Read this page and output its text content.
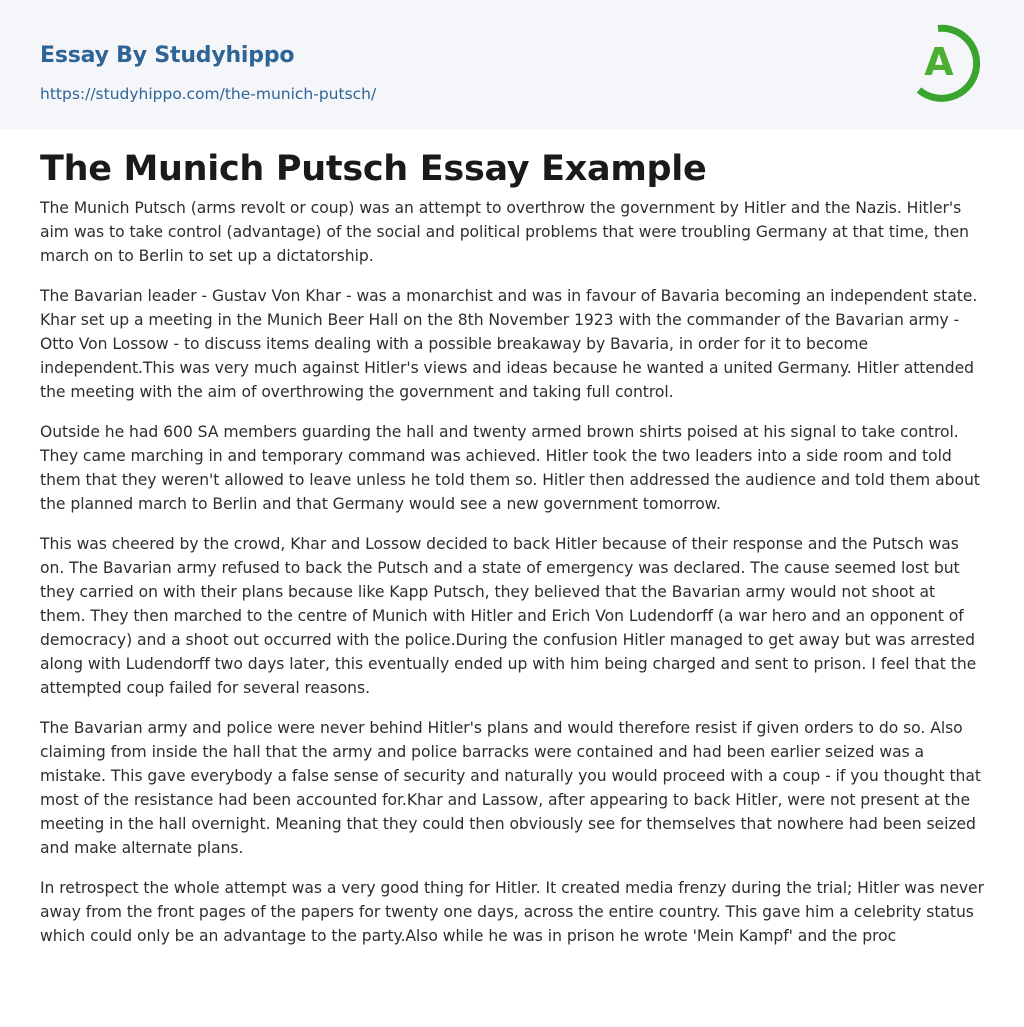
Essay By Studyhippo
https://studyhippo.com/the-munich-putsch/
A
The Munich Putsch Essay Example

The Munich Putsch (arms revolt or coup) was an attempt to overthrow the government by Hitler and the Nazis. Hitler's aim was to take control (advantage) of the social and political problems that were troubling Germany at that time, then march on to Berlin to set up a dictatorship.

The Bavarian leader - Gustav Von Khar - was a monarchist and was in favour of Bavaria becoming an independent state. Khar set up a meeting in the Munich Beer Hall on the 8th November 1923 with the commander of the Bavarian army - Otto Von Lossow - to discuss items dealing with a possible breakaway by Bavaria, in order for it to become independent.This was very much against Hitler's views and ideas because he wanted a united Germany. Hitler attended the meeting with the aim of overthrowing the government and taking full control.

Outside he had 600 SA members guarding the hall and twenty armed brown shirts poised at his signal to take control. They came marching in and temporary command was achieved. Hitler took the two leaders into a side room and told them that they weren't allowed to leave unless he told them so. Hitler then addressed the audience and told them about the planned march to Berlin and that Germany would see a new government tomorrow.

This was cheered by the crowd, Khar and Lossow decided to back Hitler because of their response and the Putsch was on. The Bavarian army refused to back the Putsch and a state of emergency was declared. The cause seemed lost but they carried on with their plans because like Kapp Putsch, they believed that the Bavarian army would not shoot at them. They then marched to the centre of Munich with Hitler and Erich Von Ludendorff (a war hero and an opponent of democracy) and a shoot out occurred with the police.During the confusion Hitler managed to get away but was arrested along with Ludendorff two days later, this eventually ended up with him being charged and sent to prison. I feel that the attempted coup failed for several reasons.

The Bavarian army and police were never behind Hitler's plans and would therefore resist if given orders to do so. Also claiming from inside the hall that the army and police barracks were contained and had been earlier seized was a mistake. This gave everybody a false sense of security and naturally you would proceed with a coup - if you thought that most of the resistance had been accounted for.Khar and Lassow, after appearing to back Hitler, were not present at the meeting in the hall overnight. Meaning that they could then obviously see for themselves that nowhere had been seized and make alternate plans.

In retrospect the whole attempt was a very good thing for Hitler. It created media frenzy during the trial; Hitler was never away from the front pages of the papers for twenty one days, across the entire country. This gave him a celebrity status which could only be an advantage to the party.Also while he was in prison he wrote 'Mein Kampf' and the proc
